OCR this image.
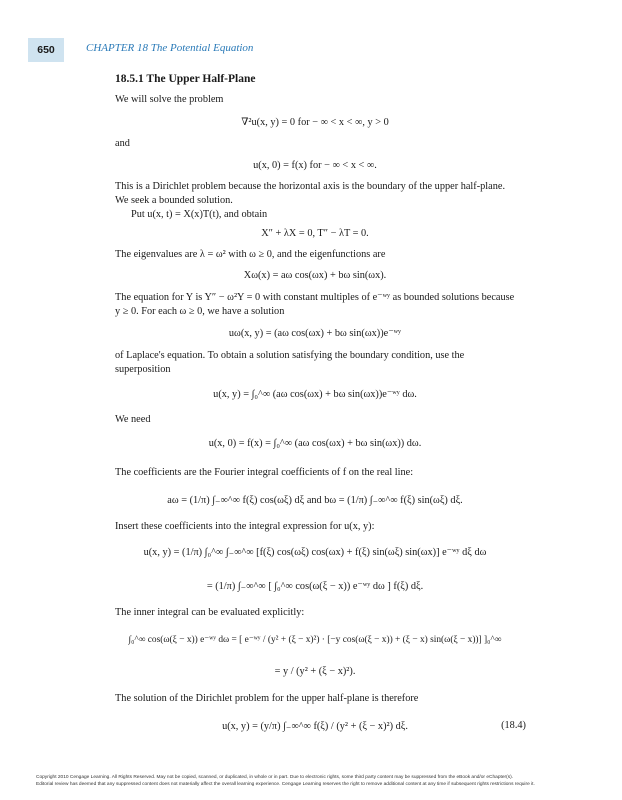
650	CHAPTER 18 The Potential Equation
18.5.1 The Upper Half-Plane
We will solve the problem
∇²u(x, y) = 0 for − ∞ < x < ∞, y > 0
and
u(x, 0) = f(x) for − ∞ < x < ∞.
This is a Dirichlet problem because the horizontal axis is the boundary of the upper half-plane. We seek a bounded solution.
Put u(x, t) = X(x)T(t), and obtain
X″ + λX = 0, T″ − λT = 0.
The eigenvalues are λ = ω² with ω ≥ 0, and the eigenfunctions are
Xω(x) = aω cos(ωx) + bω sin(ωx).
The equation for Y is Y″ − ω²Y = 0 with constant multiples of e⁻ʷʸ as bounded solutions because y ≥ 0. For each ω ≥ 0, we have a solution
uω(x, y) = (aω cos(ωx) + bω sin(ωx))e⁻ʷʸ
of Laplace's equation. To obtain a solution satisfying the boundary condition, use the superposition
u(x, y) = ∫₀^∞ (aω cos(ωx) + bω sin(ωx))e⁻ʷʸ dω.
We need
u(x, 0) = f(x) = ∫₀^∞ (aω cos(ωx) + bω sin(ωx)) dω.
The coefficients are the Fourier integral coefficients of f on the real line:
aω = (1/π) ∫₋∞^∞ f(ξ) cos(ωξ) dξ and bω = (1/π) ∫₋∞^∞ f(ξ) sin(ωξ) dξ.
Insert these coefficients into the integral expression for u(x, y):
u(x, y) = (1/π) ∫₀^∞ ∫₋∞^∞ [f(ξ) cos(ωξ) cos(ωx) + f(ξ) sin(ωξ) sin(ωx)] e⁻ʷʸ dξ dω
= (1/π) ∫₋∞^∞ [ ∫₀^∞ cos(ω(ξ − x)) e⁻ʷʸ dω ] f(ξ) dξ.
The inner integral can be evaluated explicitly:
∫₀^∞ cos(ω(ξ − x)) e⁻ʷʸ dω = [ e⁻ʷʸ / (y² + (ξ − x)²) · [−y cos(ω(ξ − x)) + (ξ − x) sin(ω(ξ − x))] ]₀^∞
= y / (y² + (ξ − x)²).
The solution of the Dirichlet problem for the upper half-plane is therefore
u(x, y) = (y/π) ∫₋∞^∞ f(ξ) / (y² + (ξ − x)²) dξ.	(18.4)
Copyright 2010 Cengage Learning. All Rights Reserved. May not be copied, scanned, or duplicated, in whole or in part. Due to electronic rights, some third party content may be suppressed from the eBook and/or eChapter(s).
Editorial review has deemed that any suppressed content does not materially affect the overall learning experience. Cengage Learning reserves the right to remove additional content at any time if subsequent rights restrictions require it.
